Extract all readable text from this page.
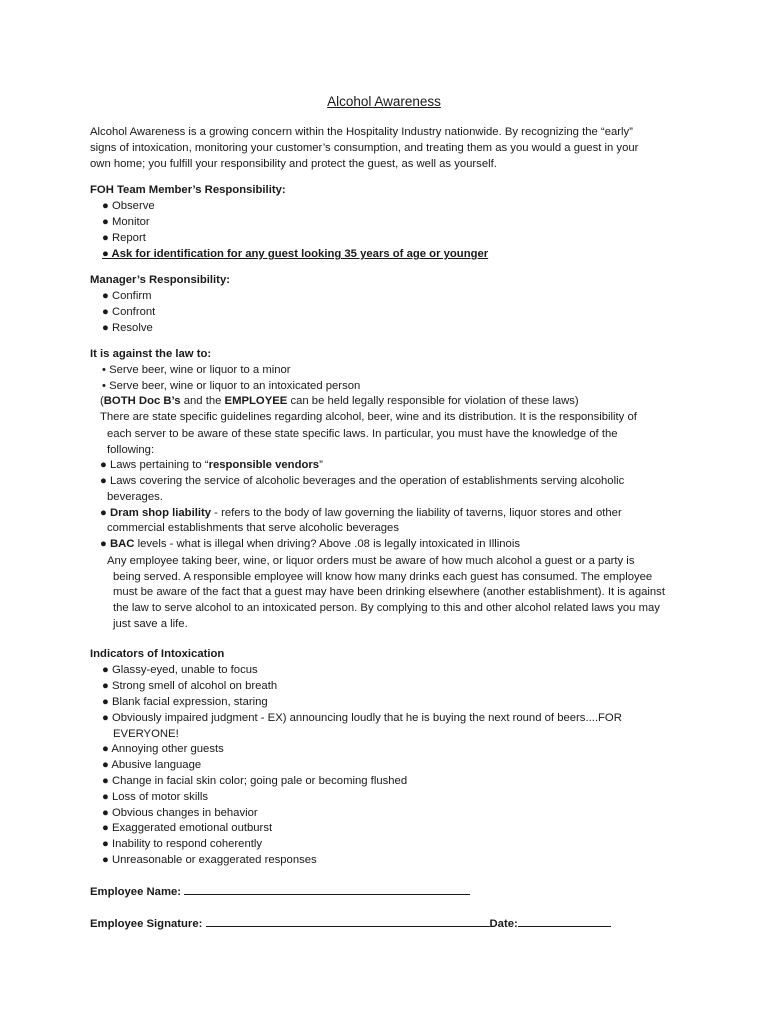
Alcohol Awareness
Alcohol Awareness is a growing concern within the Hospitality Industry nationwide. By recognizing the “early”
signs of intoxication, monitoring your customer’s consumption, and treating them as you would a guest in your
own home; you fulfill your responsibility and protect the guest, as well as yourself.
FOH Team Member’s Responsibility:
● Observe
● Monitor
● Report
● Ask for identification for any guest looking 35 years of age or younger
Manager’s Responsibility:
● Confirm
● Confront
● Resolve
It is against the law to:
• Serve beer, wine or liquor to a minor
• Serve beer, wine or liquor to an intoxicated person
(BOTH Doc B’s and the EMPLOYEE can be held legally responsible for violation of these laws)
There are state specific guidelines regarding alcohol, beer, wine and its distribution. It is the responsibility of
each server to be aware of these state specific laws. In particular, you must have the knowledge of the
following:
● Laws pertaining to “responsible vendors”
● Laws covering the service of alcoholic beverages and the operation of establishments serving alcoholic
beverages.
● Dram shop liability - refers to the body of law governing the liability of taverns, liquor stores and other
commercial establishments that serve alcoholic beverages
● BAC levels - what is illegal when driving? Above .08 is legally intoxicated in Illinois
Any employee taking beer, wine, or liquor orders must be aware of how much alcohol a guest or a party is
being served. A responsible employee will know how many drinks each guest has consumed. The employee
must be aware of the fact that a guest may have been drinking elsewhere (another establishment). It is against
the law to serve alcohol to an intoxicated person. By complying to this and other alcohol related laws you may
just save a life.
Indicators of Intoxication
● Glassy-eyed, unable to focus
● Strong smell of alcohol on breath
● Blank facial expression, staring
● Obviously impaired judgment - EX) announcing loudly that he is buying the next round of beers....FOR
EVERYONE!
● Annoying other guests
● Abusive language
● Change in facial skin color; going pale or becoming flushed
● Loss of motor skills
● Obvious changes in behavior
● Exaggerated emotional outburst
● Inability to respond coherently
● Unreasonable or exaggerated responses
Employee Name:
Employee Signature:	Date:
